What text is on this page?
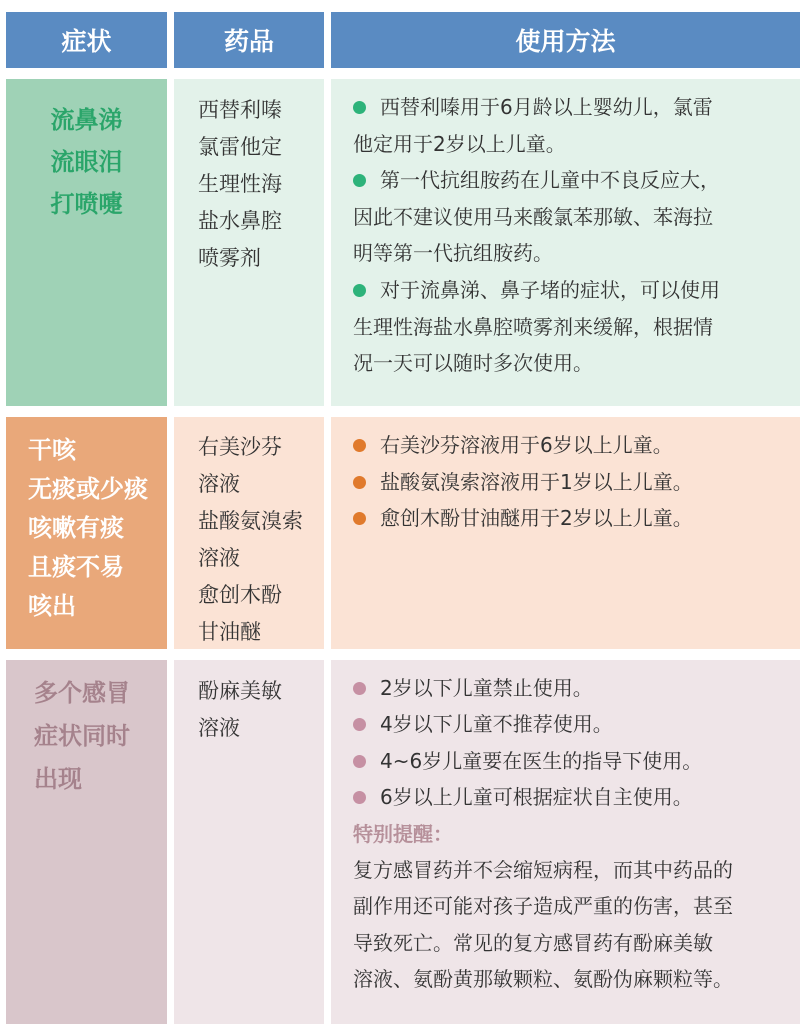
症状	药品	使用方法
流鼻涕
流眼泪
打喷嚏
西替利嗪
氯雷他定
生理性海
盐水鼻腔
喷雾剂
西替利嗪用于6月龄以上婴幼儿，氯雷
他定用于2岁以上儿童。
第一代抗组胺药在儿童中不良反应大，
因此不建议使用马来酸氯苯那敏、苯海拉
明等第一代抗组胺药。
对于流鼻涕、鼻子堵的症状，可以使用
生理性海盐水鼻腔喷雾剂来缓解，根据情
况一天可以随时多次使用。
干咳
无痰或少痰
咳嗽有痰
且痰不易
咳出
右美沙芬
溶液
盐酸氨溴索
溶液
愈创木酚
甘油醚
右美沙芬溶液用于6岁以上儿童。
盐酸氨溴索溶液用于1岁以上儿童。
愈创木酚甘油醚用于2岁以上儿童。
多个感冒
症状同时
出现
酚麻美敏
溶液
2岁以下儿童禁止使用。
4岁以下儿童不推荐使用。
4~6岁儿童要在医生的指导下使用。
6岁以上儿童可根据症状自主使用。
特别提醒：
复方感冒药并不会缩短病程，而其中药品的
副作用还可能对孩子造成严重的伤害，甚至
导致死亡。常见的复方感冒药有酚麻美敏
溶液、氨酚黄那敏颗粒、氨酚伪麻颗粒等。
